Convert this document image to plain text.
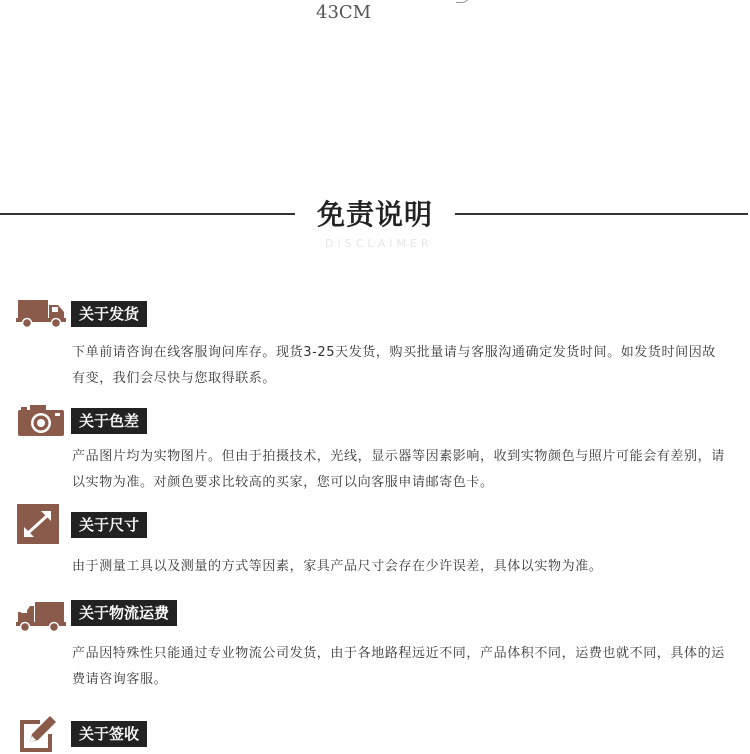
43CM
免责说明
DISCLAIMER
关于发货
下单前请咨询在线客服询问库存。现货3-25天发货，购买批量请与客服沟通确定发货时间。如发货时间因故有变，我们会尽快与您取得联系。
关于色差
产品图片均为实物图片。但由于拍摄技术，光线，显示器等因素影响，收到实物颜色与照片可能会有差别，请以实物为准。对颜色要求比较高的买家，您可以向客服申请邮寄色卡。
关于尺寸
由于测量工具以及测量的方式等因素，家具产品尺寸会存在少许误差，具体以实物为准。
关于物流运费
产品因特殊性只能通过专业物流公司发货，由于各地路程远近不同，产品体积不同，运费也就不同，具体的运费请咨询客服。
关于签收
